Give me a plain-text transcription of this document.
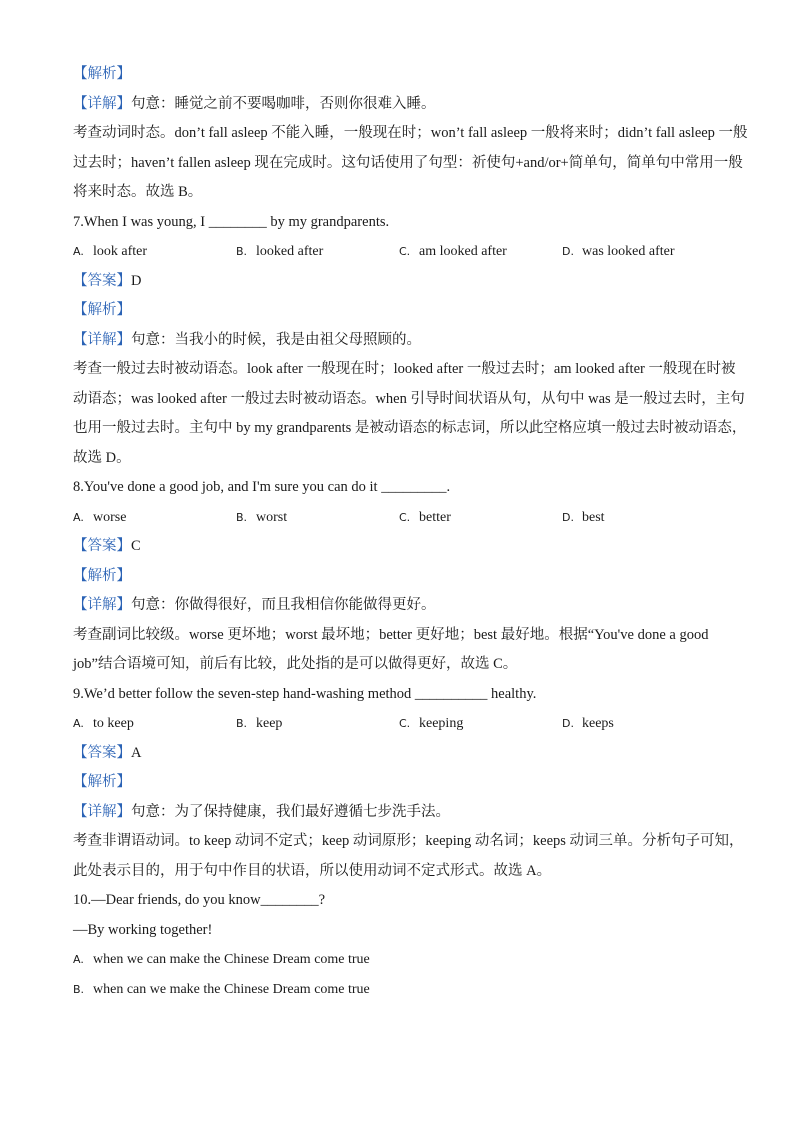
【解析】
【详解】句意：睡觉之前不要喝咖啡，否则你很难入睡。
考查动词时态。don’t fall asleep 不能入睡，一般现在时；won’t fall asleep 一般将来时；didn’t fall asleep 一般
过去时；haven’t fallen asleep 现在完成时。这句话使用了句型：祈使句+and/or+简单句，简单句中常用一般
将来时态。故选 B。
7.When I was young, I ________ by my grandparents.
A. look after	B. looked after	C. am looked after	D. was looked after
【答案】D
【解析】
【详解】句意：当我小的时候，我是由祖父母照顾的。
考查一般过去时被动语态。look after 一般现在时；looked after 一般过去时；am looked after 一般现在时被
动语态；was looked after 一般过去时被动语态。when 引导时间状语从句，从句中 was 是一般过去时，主句
也用一般过去时。主句中 by my grandparents 是被动语态的标志词，所以此空格应填一般过去时被动语态，
故选 D。
8.You've done a good job, and I'm sure you can do it _________.
A. worse	B. worst	C. better	D. best
【答案】C
【解析】
【详解】句意：你做得很好，而且我相信你能做得更好。
考查副词比较级。worse 更坏地；worst 最坏地；better 更好地；best 最好地。根据“You've done a good
job”结合语境可知，前后有比较，此处指的是可以做得更好，故选 C。
9.We’d better follow the seven-step hand-washing method __________ healthy.
A. to keep	B. keep	C. keeping	D. keeps
【答案】A
【解析】
【详解】句意：为了保持健康，我们最好遵循七步洗手法。
考查非谓语动词。to keep 动词不定式；keep 动词原形；keeping 动名词；keeps 动词三单。分析句子可知，
此处表示目的，用于句中作目的状语，所以使用动词不定式形式。故选 A。
10.—Dear friends, do you know________?
—By working together!
A. when we can make the Chinese Dream come true
B. when can we make the Chinese Dream come true
